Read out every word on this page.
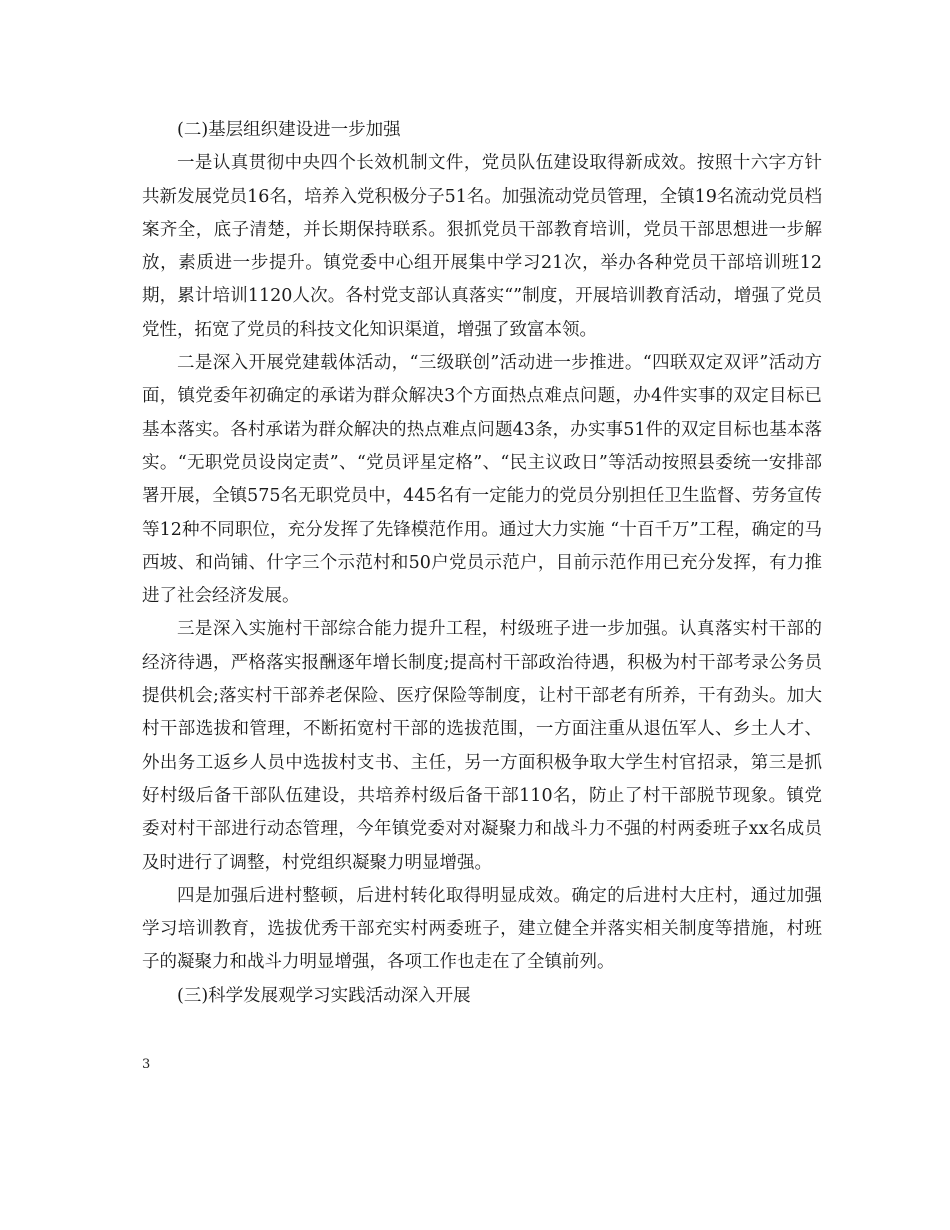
(二)基层组织建设进一步加强

一是认真贯彻中央四个长效机制文件，党员队伍建设取得新成效。按照十六字方针共新发展党员16名，培养入党积极分子51名。加强流动党员管理，全镇19名流动党员档案齐全，底子清楚，并长期保持联系。狠抓党员干部教育培训，党员干部思想进一步解放，素质进一步提升。镇党委中心组开展集中学习21次，举办各种党员干部培训班12 期，累计培训1120人次。各村党支部认真落实“”制度，开展培训教育活动，增强了党员党性，拓宽了党员的科技文化知识渠道，增强了致富本领。

二是深入开展党建载体活动，“三级联创”活动进一步推进。“四联双定双评”活动方面，镇党委年初确定的承诺为群众解决3个方面热点难点问题，办4件实事的双定目标已基本落实。各村承诺为群众解决的热点难点问题43条，办实事51件的双定目标也基本落实。“无职党员设岗定责”、“党员评星定格”、“民主议政日”等活动按照县委统一安排部署开展，全镇575名无职党员中，445名有一定能力的党员分别担任卫生监督、劳务宣传等12种不同职位，充分发挥了先锋模范作用。通过大力实施 “十百千万”工程，确定的马西坡、和尚铺、什字三个示范村和50户党员示范户，目前示范作用已充分发挥，有力推进了社会经济发展。

三是深入实施村干部综合能力提升工程，村级班子进一步加强。认真落实村干部的经济待遇，严格落实报酬逐年增长制度;提高村干部政治待遇，积极为村干部考录公务员提供机会;落实村干部养老保险、医疗保险等制度，让村干部老有所养，干有劲头。加大村干部选拔和管理，不断拓宽村干部的选拔范围，一方面注重从退伍军人、乡土人才、外出务工返乡人员中选拔村支书、主任，另一方面积极争取大学生村官招录，第三是抓好村级后备干部队伍建设，共培养村级后备干部110名，防止了村干部脱节现象。镇党委对村干部进行动态管理，今年镇党委对对凝聚力和战斗力不强的村两委班子xx名成员及时进行了调整，村党组织凝聚力明显增强。

四是加强后进村整顿，后进村转化取得明显成效。确定的后进村大庄村，通过加强学习培训教育，选拔优秀干部充实村两委班子，建立健全并落实相关制度等措施，村班子的凝聚力和战斗力明显增强，各项工作也走在了全镇前列。

(三)科学发展观学习实践活动深入开展

3
